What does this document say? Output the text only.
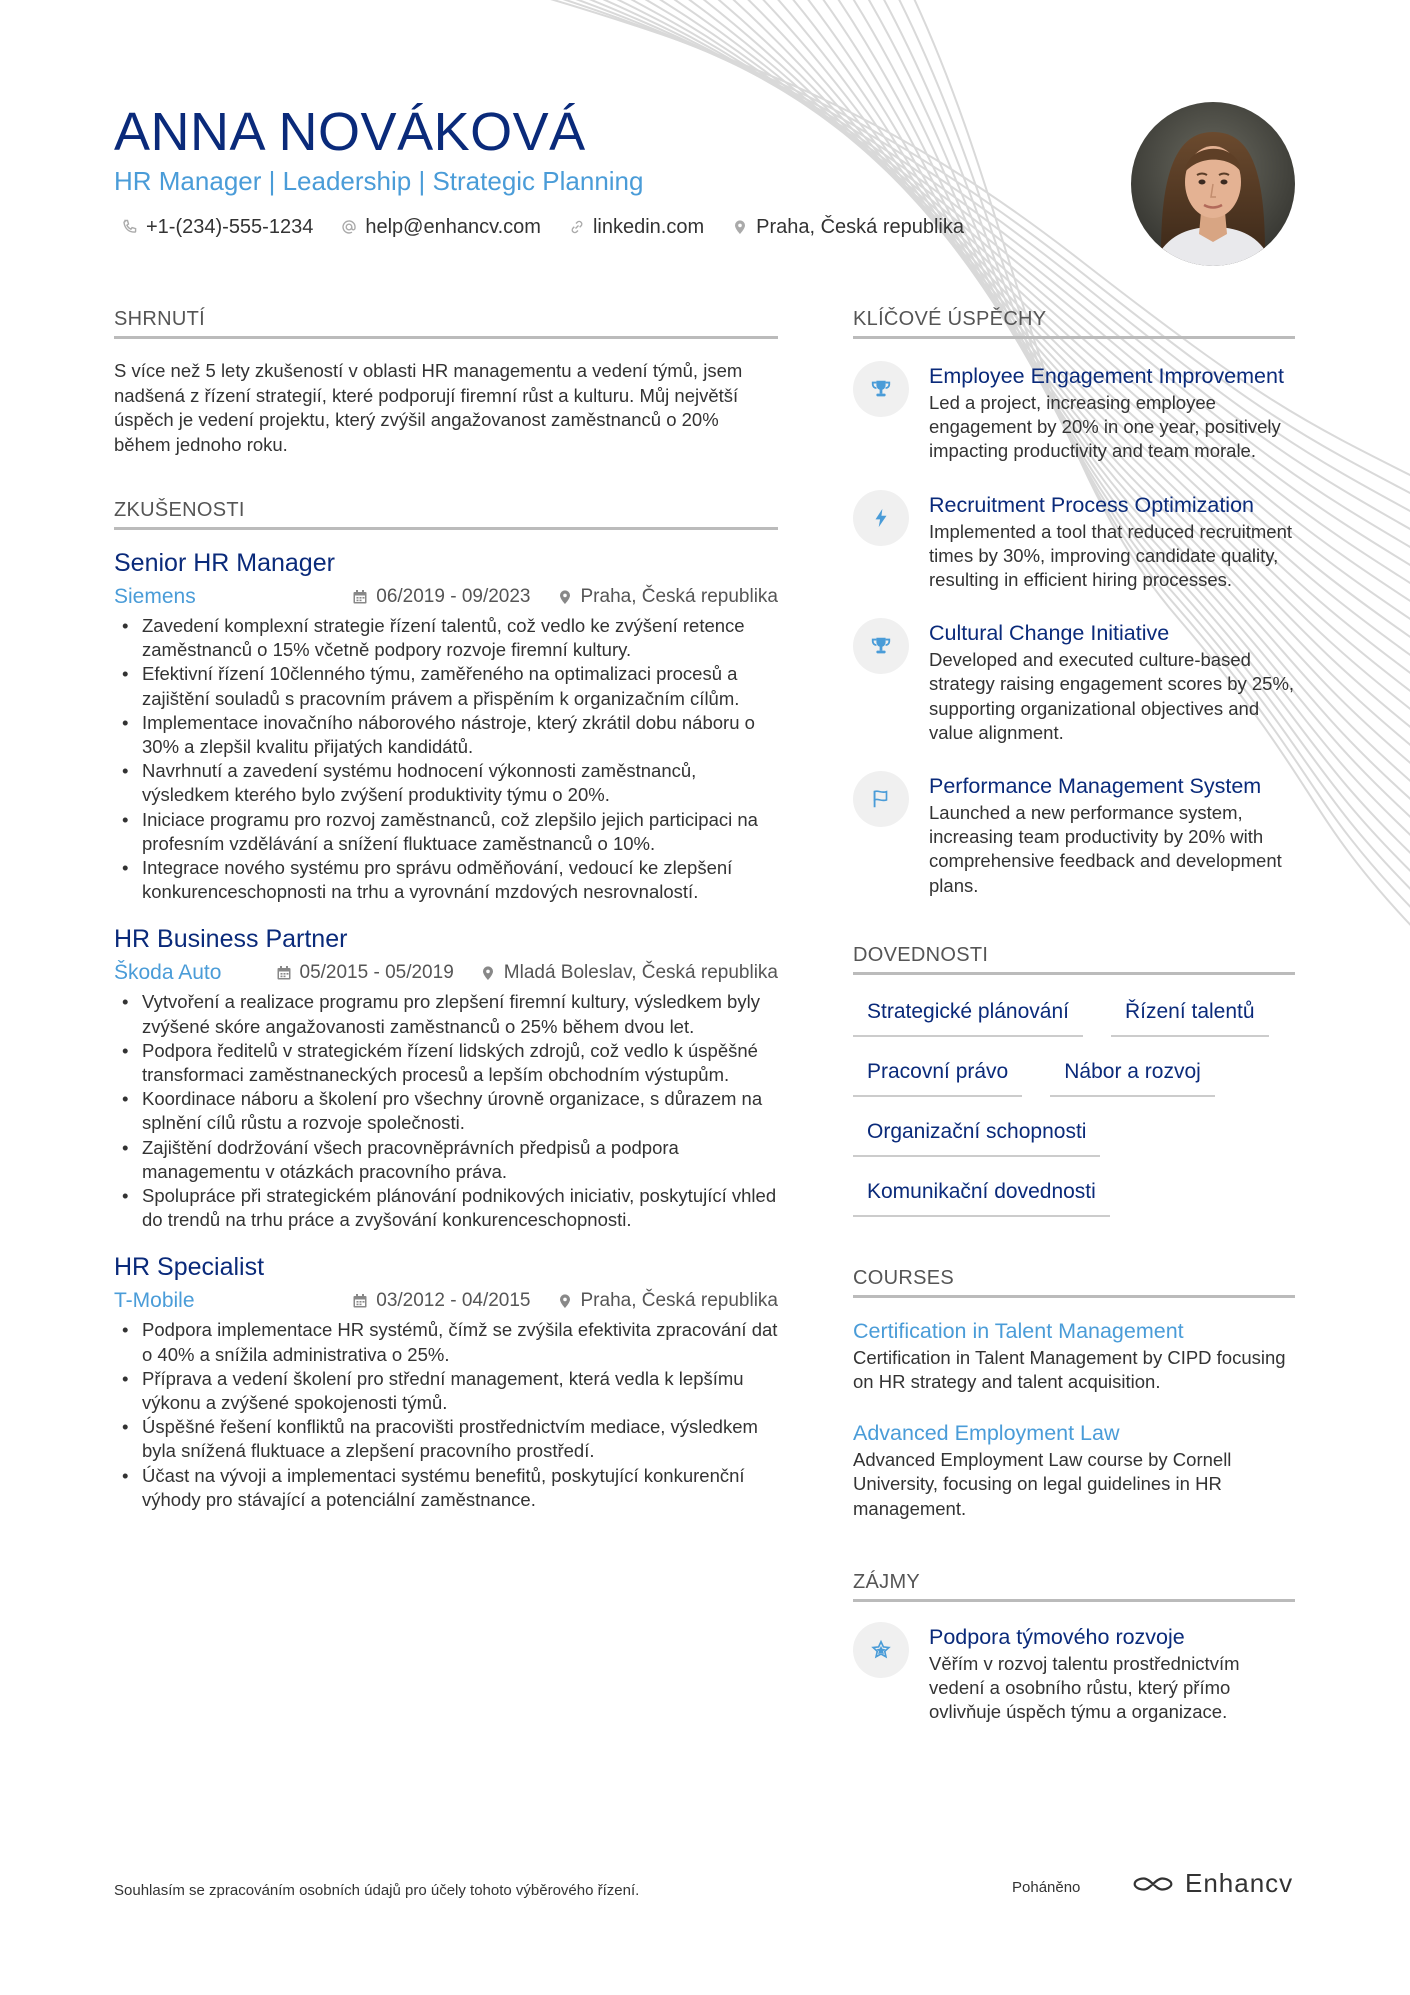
ANNA NOVÁKOVÁ
HR Manager | Leadership | Strategic Planning
+1-(234)-555-1234	help@enhancv.com	linkedin.com	Praha, Česká republika
SHRNUTÍ

S více než 5 lety zkušeností v oblasti HR managementu a vedení týmů, jsem nadšená z řízení strategií, které podporují firemní růst a kulturu. Můj největší úspěch je vedení projektu, který zvýšil angažovanost zaměstnanců o 20% během jednoho roku.

ZKUŠENOSTI
Senior HR Manager
Siemens	06/2019 - 09/2023	Praha, Česká republika
• Zavedení komplexní strategie řízení talentů, což vedlo ke zvýšení retence zaměstnanců o 15% včetně podpory rozvoje firemní kultury.
• Efektivní řízení 10členného týmu, zaměřeného na optimalizaci procesů a zajištění souladů s pracovním právem a přispěním k organizačním cílům.
• Implementace inovačního náborového nástroje, který zkrátil dobu náboru o 30% a zlepšil kvalitu přijatých kandidátů.
• Navrhnutí a zavedení systému hodnocení výkonnosti zaměstnanců, výsledkem kterého bylo zvýšení produktivity týmu o 20%.
• Iniciace programu pro rozvoj zaměstnanců, což zlepšilo jejich participaci na profesním vzdělávání a snížení fluktuace zaměstnanců o 10%.
• Integrace nového systému pro správu odměňování, vedoucí ke zlepšení konkurenceschopnosti na trhu a vyrovnání mzdových nesrovnalostí.
HR Business Partner
Škoda Auto	05/2015 - 05/2019	Mladá Boleslav, Česká republika
• Vytvoření a realizace programu pro zlepšení firemní kultury, výsledkem byly zvýšené skóre angažovanosti zaměstnanců o 25% během dvou let.
• Podpora ředitelů v strategickém řízení lidských zdrojů, což vedlo k úspěšné transformaci zaměstnaneckých procesů a lepším obchodním výstupům.
• Koordinace náboru a školení pro všechny úrovně organizace, s důrazem na splnění cílů růstu a rozvoje společnosti.
• Zajištění dodržování všech pracovněprávních předpisů a podpora managementu v otázkách pracovního práva.
• Spolupráce při strategickém plánování podnikových iniciativ, poskytující vhled do trendů na trhu práce a zvyšování konkurenceschopnosti.
HR Specialist
T-Mobile	03/2012 - 04/2015	Praha, Česká republika
• Podpora implementace HR systémů, čímž se zvýšila efektivita zpracování dat o 40% a snížila administrativa o 25%.
• Příprava a vedení školení pro střední management, která vedla k lepšímu výkonu a zvýšené spokojenosti týmů.
• Úspěšné řešení konfliktů na pracovišti prostřednictvím mediace, výsledkem byla snížená fluktuace a zlepšení pracovního prostředí.
• Účast na vývoji a implementaci systému benefitů, poskytující konkurenční výhody pro stávající a potenciální zaměstnance.
KLÍČOVÉ ÚSPĚCHY
Employee Engagement Improvement
Led a project, increasing employee engagement by 20% in one year, positively impacting productivity and team morale.
Recruitment Process Optimization
Implemented a tool that reduced recruitment times by 30%, improving candidate quality, resulting in efficient hiring processes.
Cultural Change Initiative
Developed and executed culture-based strategy raising engagement scores by 25%, supporting organizational objectives and value alignment.
Performance Management System
Launched a new performance system, increasing team productivity by 20% with comprehensive feedback and development plans.
DOVEDNOSTI
Strategické plánování	Řízení talentů
Pracovní právo	Nábor a rozvoj
Organizační schopnosti
Komunikační dovednosti
COURSES
Certification in Talent Management
Certification in Talent Management by CIPD focusing on HR strategy and talent acquisition.
Advanced Employment Law
Advanced Employment Law course by Cornell University, focusing on legal guidelines in HR management.
ZÁJMY
Podpora týmového rozvoje
Věřím v rozvoj talentu prostřednictvím vedení a osobního růstu, který přímo ovlivňuje úspěch týmu a organizace.
Souhlasím se zpracováním osobních údajů pro účely tohoto výběrového řízení.	Poháněno	Enhancv
